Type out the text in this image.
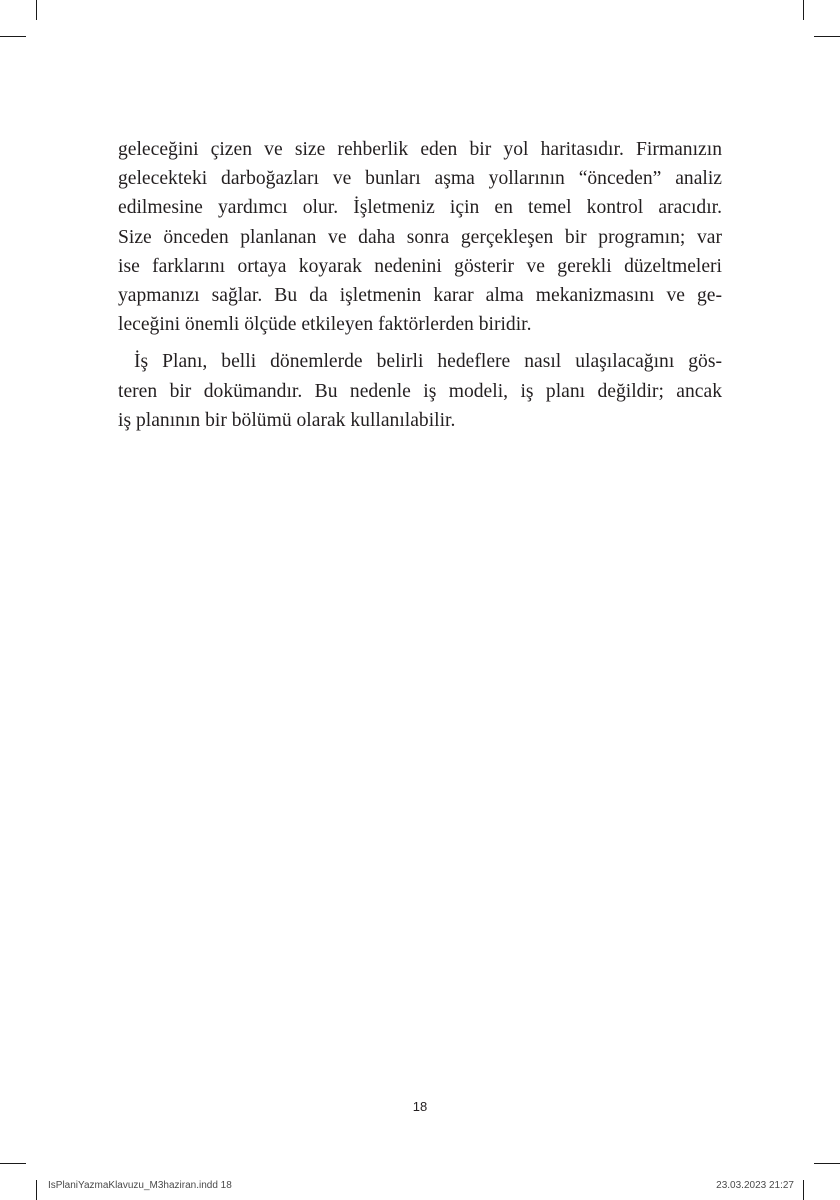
geleceğini çizen ve size rehberlik eden bir yol haritasıdır. Firmanızın
gelecekteki darboğazları ve bunları aşma yollarının “önceden” analiz
edilmesine yardımcı olur. İşletmeniz için en temel kontrol aracıdır.
Size önceden planlanan ve daha sonra gerçekleşen bir programın; var
ise farklarını ortaya koyarak nedenini gösterir ve gerekli düzeltmeleri
yapmanızı sağlar. Bu da işletmenin karar alma mekanizmasını ve ge-
leceğini önemli ölçüde etkileyen faktörlerden biridir.

İş Planı, belli dönemlerde belirli hedeflere nasıl ulaşılacağını gös-
teren bir dokümandır. Bu nedenle iş modeli, iş planı değildir; ancak
iş planının bir bölümü olarak kullanılabilir.

18
IsPlaniYazmaKlavuzu_M3haziran.indd 18	23.03.2023 21:27
